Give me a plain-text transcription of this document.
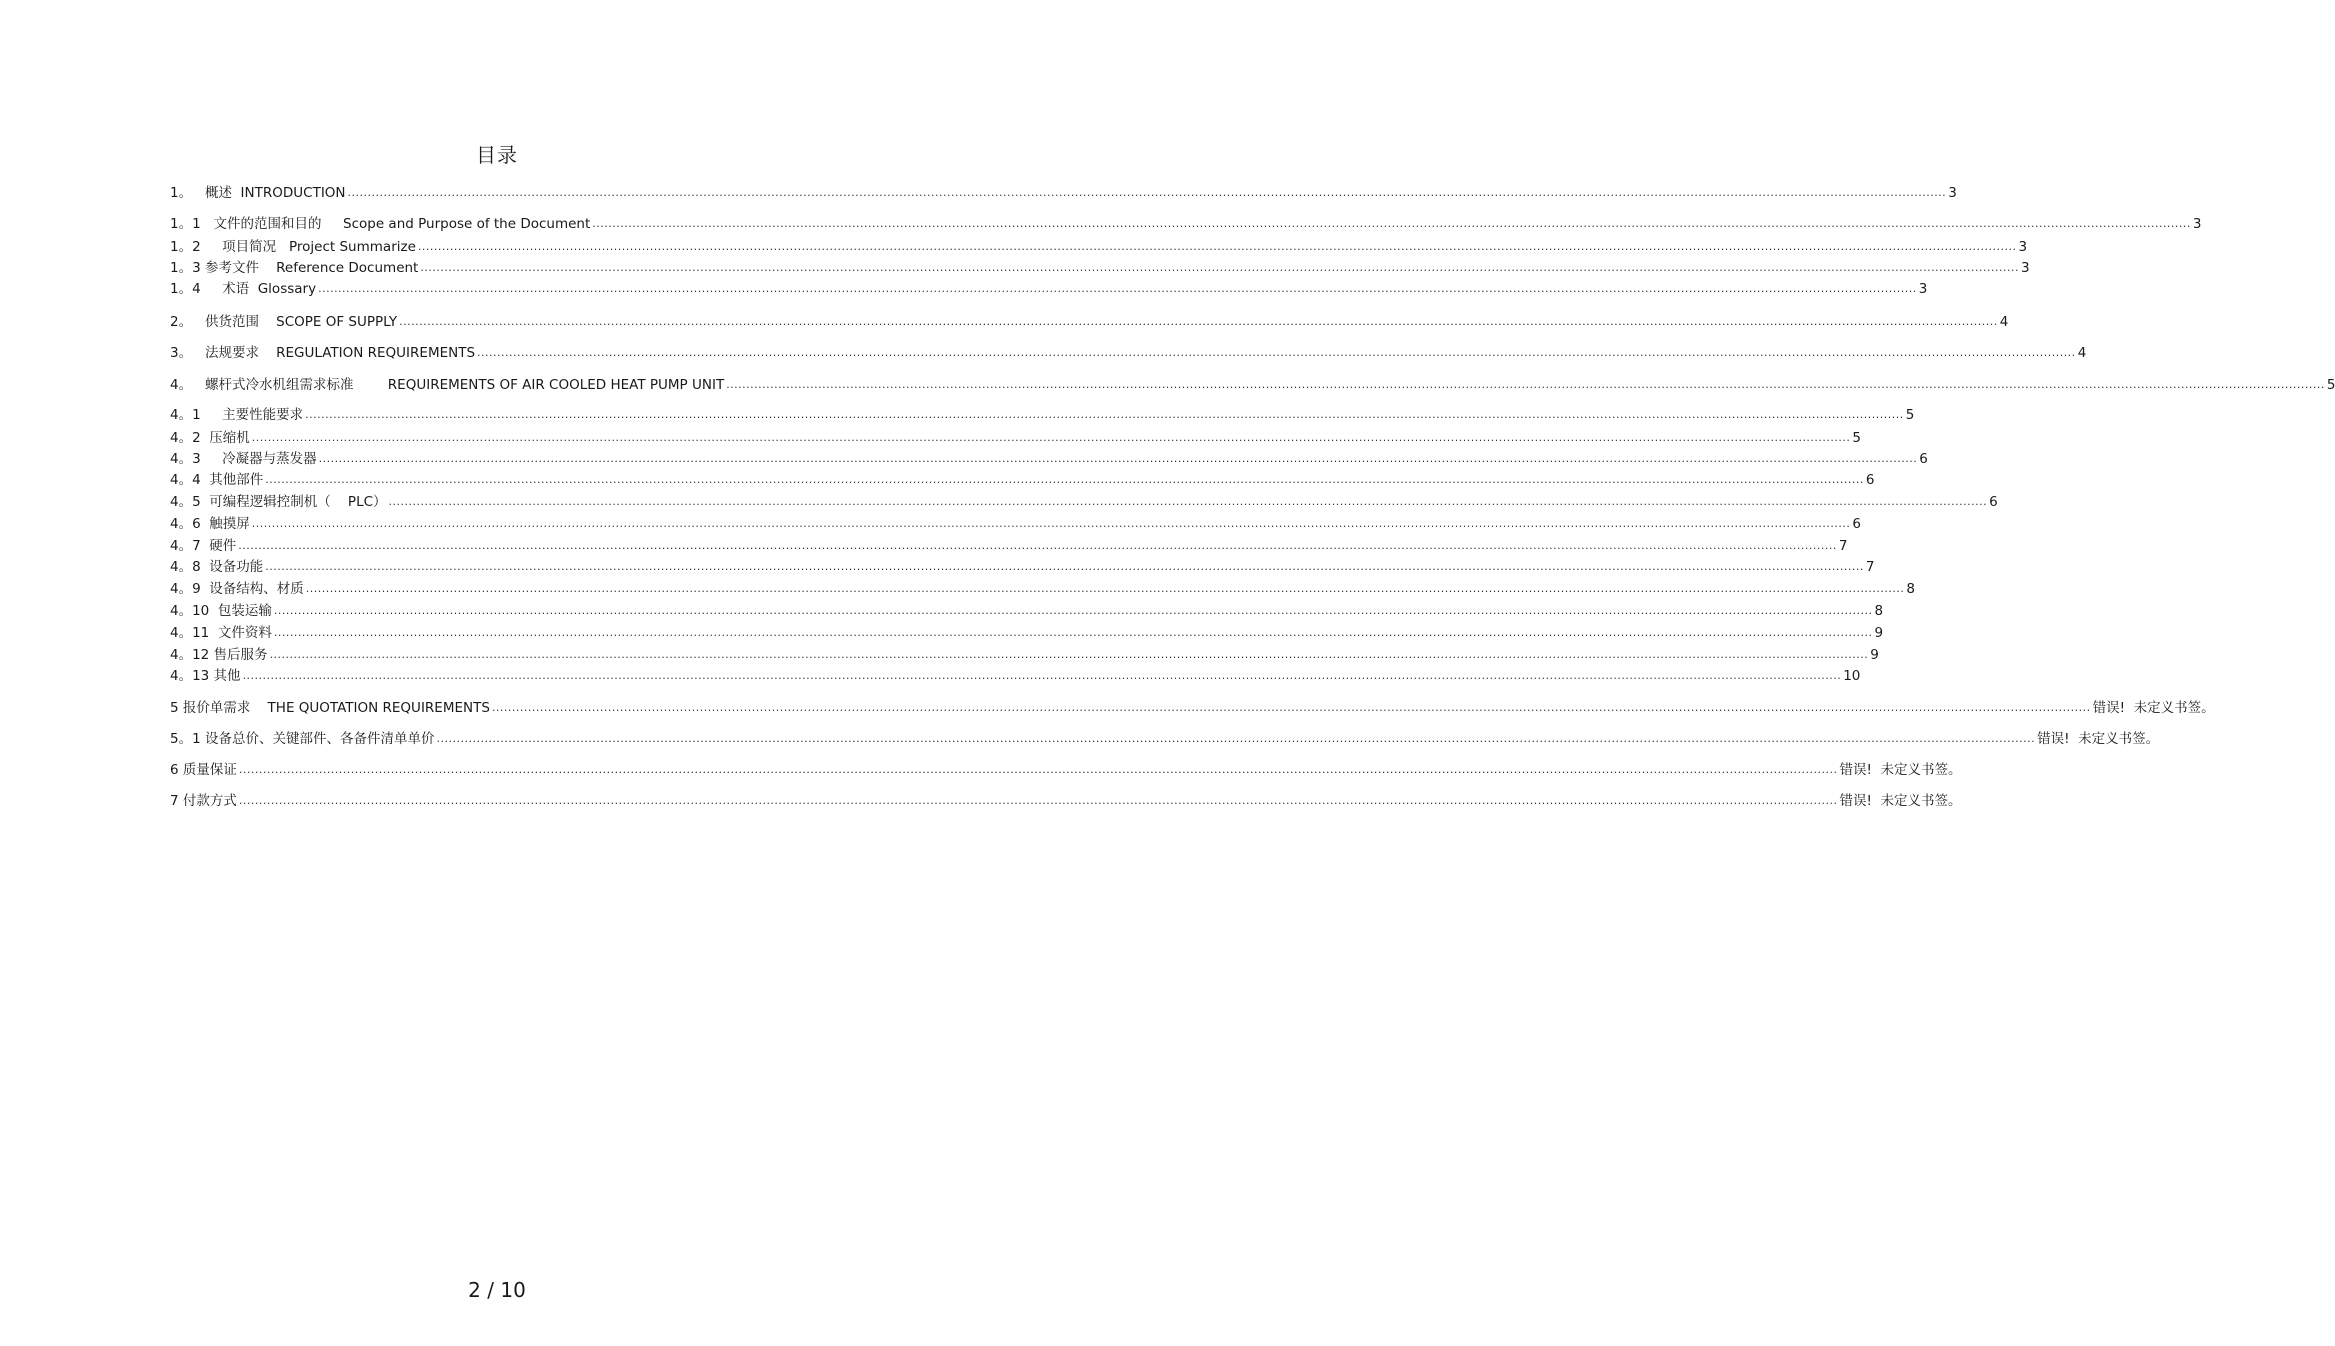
目录
1。   概述  INTRODUCTION ................................................................................................................................................................................................................................................................................................................................................................................................................ 3
1。1   文件的范围和目的     Scope and Purpose of the Document ................................................................................................................................................................................................................................................................................................................................................................................................................ 3
1。2     项目简况   Project Summarize ................................................................................................................................................................................................................................................................................................................................................................................................................ 3
1。3 参考文件    Reference Document ................................................................................................................................................................................................................................................................................................................................................................................................................ 3
1。4     术语  Glossary ................................................................................................................................................................................................................................................................................................................................................................................................................ 3
2。   供货范围    SCOPE OF SUPPLY ................................................................................................................................................................................................................................................................................................................................................................................................................ 4
3。   法规要求    REGULATION REQUIREMENTS ................................................................................................................................................................................................................................................................................................................................................................................................................ 4
4。   螺杆式冷水机组需求标准        REQUIREMENTS OF AIR COOLED HEAT PUMP UNIT ................................................................................................................................................................................................................................................................................................................................................................................................................ 5
4。1     主要性能要求 ................................................................................................................................................................................................................................................................................................................................................................................................................ 5
4。2  压缩机 ................................................................................................................................................................................................................................................................................................................................................................................................................ 5
4。3     冷凝器与蒸发器 ................................................................................................................................................................................................................................................................................................................................................................................................................ 6
4。4  其他部件 ................................................................................................................................................................................................................................................................................................................................................................................................................ 6
4。5  可编程逻辑控制机（    PLC） ................................................................................................................................................................................................................................................................................................................................................................................................................ 6
4。6  触摸屏 ................................................................................................................................................................................................................................................................................................................................................................................................................ 6
4。7  硬件 ................................................................................................................................................................................................................................................................................................................................................................................................................ 7
4。8  设备功能 ................................................................................................................................................................................................................................................................................................................................................................................................................ 7
4。9  设备结构、材质 ................................................................................................................................................................................................................................................................................................................................................................................................................ 8
4。10  包装运输 ................................................................................................................................................................................................................................................................................................................................................................................................................ 8
4。11  文件资料 ................................................................................................................................................................................................................................................................................................................................................................................................................ 9
4。12 售后服务 ................................................................................................................................................................................................................................................................................................................................................................................................................ 9
4。13 其他 ................................................................................................................................................................................................................................................................................................................................................................................................................ 10
5 报价单需求    THE QUOTATION REQUIREMENTS ................................................................................................................................................................................................................................................................................................................................................................................................................ 错误!  未定义书签。
5。1 设备总价、关键部件、各备件清单单价 ................................................................................................................................................................................................................................................................................................................................................................................................................ 错误!  未定义书签。
6 质量保证 ................................................................................................................................................................................................................................................................................................................................................................................................................ 错误!  未定义书签。
7 付款方式 ................................................................................................................................................................................................................................................................................................................................................................................................................ 错误!  未定义书签。
2 / 10
